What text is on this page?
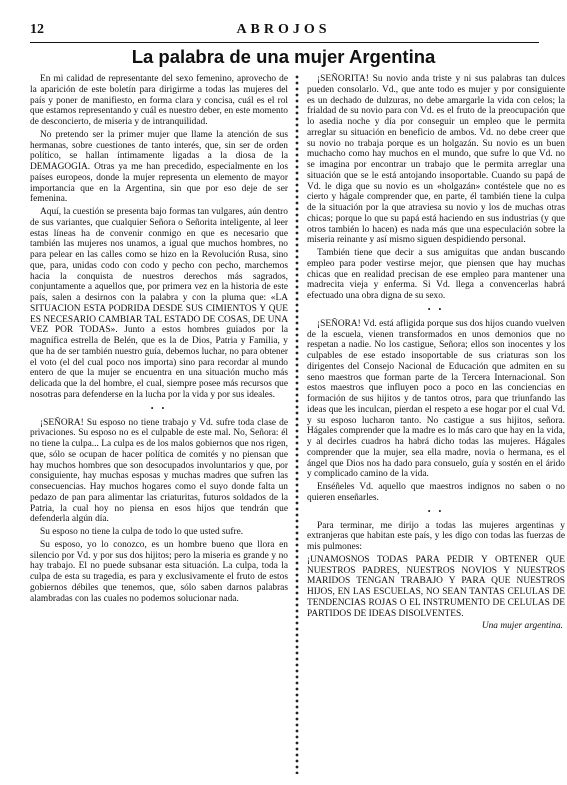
12	ABROJOS
La palabra de una mujer Argentina

En mi calidad de representante del sexo femenino, aprovecho de la aparición de este boletín para dirigirme a todas las mujeres del país y poner de manifiesto, en forma clara y concisa, cuál es el rol que estamos representando y cuál es nuestro deber, en este momento de desconcierto, de miseria y de intranquilidad.

No pretendo ser la primer mujer que llame la atención de sus hermanas, sobre cuestiones de tanto interés, que, sin ser de orden político, se hallan íntimamente ligadas a la diosa de la DEMAGOGIA. Otras ya me han precedido, especialmente en los países europeos, donde la mujer representa un elemento de mayor importancia que en la Argentina, sin que por eso deje de ser femenina.

Aquí, la cuestión se presenta bajo formas tan vulgares, aún dentro de sus variantes, que cualquier Señora o Señorita inteligente, al leer estas líneas ha de convenir conmigo en que es necesario que también las mujeres nos unamos, a igual que muchos hombres, no para pelear en las calles como se hizo en la Revolución Rusa, sino que, para, unidas codo con codo y pecho con pecho, marchemos hacia la conquista de nuestros derechos más sagrados, conjuntamente a aquellos que, por primera vez en la historia de este país, salen a desirnos con la palabra y con la pluma que: «LA SITUACION ESTA PODRIDA DESDE SUS CIMIENTOS Y QUE ES NECESARIO CAMBIAR TAL ESTADO DE COSAS, DE UNA VEZ POR TODAS». Junto a estos hombres guiados por la magnífica estrella de Belén, que es la de Dios, Patria y Familia, y que ha de ser también nuestro guía, debemos luchar, no para obtener el voto (el del cual poco nos importa) sino para recordar al mundo entero de que la mujer se encuentra en una situación mucho más delicada que la del hombre, el cual, siempre posee más recursos que nosotras para defenderse en la lucha por la vida y por sus ideales.

• •

¡SEÑORA! Su esposo no tiene trabajo y Vd. sufre toda clase de privaciones. Su esposo no es el culpable de este mal. No, Señora: él no tiene la culpa... La culpa es de los malos gobiernos que nos rigen, que, sólo se ocupan de hacer política de comités y no piensan que hay muchos hombres que son desocupados involuntarios y que, por consiguiente, hay muchas esposas y muchas madres que sufren las consecuencias. Hay muchos hogares como el suyo donde falta un pedazo de pan para alimentar las criaturitas, futuros soldados de la Patria, la cual hoy no piensa en esos hijos que tendrán que defenderla algún día.

Su esposo no tiene la culpa de todo lo que usted sufre.

Su esposo, yo lo conozco, es un hombre bueno que llora en silencio por Vd. y por sus dos hijitos; pero la miseria es grande y no hay trabajo. El no puede subsanar esta situación. La culpa, toda la culpa de esta su tragedia, es para y exclusivamente el fruto de estos gobiernos débiles que tenemos, que, sólo saben darnos palabras alambradas con las cuales no podemos solucionar nada.

¡SEÑORITA! Su novio anda triste y ni sus palabras tan dulces pueden consolarlo. Vd., que ante todo es mujer y por consiguiente es un dechado de dulzuras, no debe amargarle la vida con celos; la frialdad de su novio para con Vd. es el fruto de la preocupación que lo asedia noche y día por conseguir un empleo que le permita arreglar su situación en beneficio de ambos. Vd. no debe creer que su novio no trabaja porque es un holgazán. Su novio es un buen muchacho como hay muchos en el mundo, que sufre lo que Vd. no se imagina por encontrar un trabajo que le permita arreglar una situación que se le está antojando insoportable. Cuando su papá de Vd. le diga que su novio es un «holgazán» contéstele que no es cierto y hágale comprender que, en parte, él también tiene la culpa de la situación por la que atraviesa su novio y los de muchas otras chicas; porque lo que su papá está haciendo en sus industrias (y que otros también lo hacen) es nada más que una especulación sobre la miseria reinante y así mismo siguen despidiendo personal.

También tiene que decir a sus amiguitas que andan buscando empleo para poder vestirse mejor, que piensen que hay muchas chicas que en realidad precisan de ese empleo para mantener una madrecita vieja y enferma. Si Vd. llega a convencerlas habrá efectuado una obra digna de su sexo.

• •

¡SEÑORA! Vd. está afligida porque sus dos hijos cuando vuelven de la escuela, vienen transformados en unos demonios que no respetan a nadie. No los castigue, Señora; ellos son inocentes y los culpables de ese estado insoportable de sus criaturas son los dirigentes del Consejo Nacional de Educación que admiten en su seno maestros que forman parte de la Tercera Internacional. Son estos maestros que influyen poco a poco en las conciencias en formación de sus hijitos y de tantos otros, para que triunfando las ideas que les inculcan, pierdan el respeto a ese hogar por el cual Vd. y su esposo lucharon tanto. No castigue a sus hijitos, señora. Hágales comprender que la madre es lo más caro que hay en la vida, y al decirles cuadros ha habrá dicho todas las mujeres. Hágales comprender que la mujer, sea ella madre, novia o hermana, es el ángel que Dios nos ha dado para consuelo, guía y sostén en el árido y complicado camino de la vida.

Enséñeles Vd. aquello que maestros indignos no saben o no quieren enseñarles.

• •

Para terminar, me dirijo a todas las mujeres argentinas y extranjeras que habitan este país, y les digo con todas las fuerzas de mis pulmones:

¡UNAMOSNOS TODAS PARA PEDIR Y OBTENER QUE NUESTROS PADRES, NUESTROS NOVIOS Y NUESTROS MARIDOS TENGAN TRABAJO Y PARA QUE NUESTROS HIJOS, EN LAS ESCUELAS, NO SEAN TANTAS CELULAS DE TENDENCIAS ROJAS O EL INSTRUMENTO DE CELULAS DE PARTIDOS DE IDEAS DISOLVENTES.

Una mujer argentina.
